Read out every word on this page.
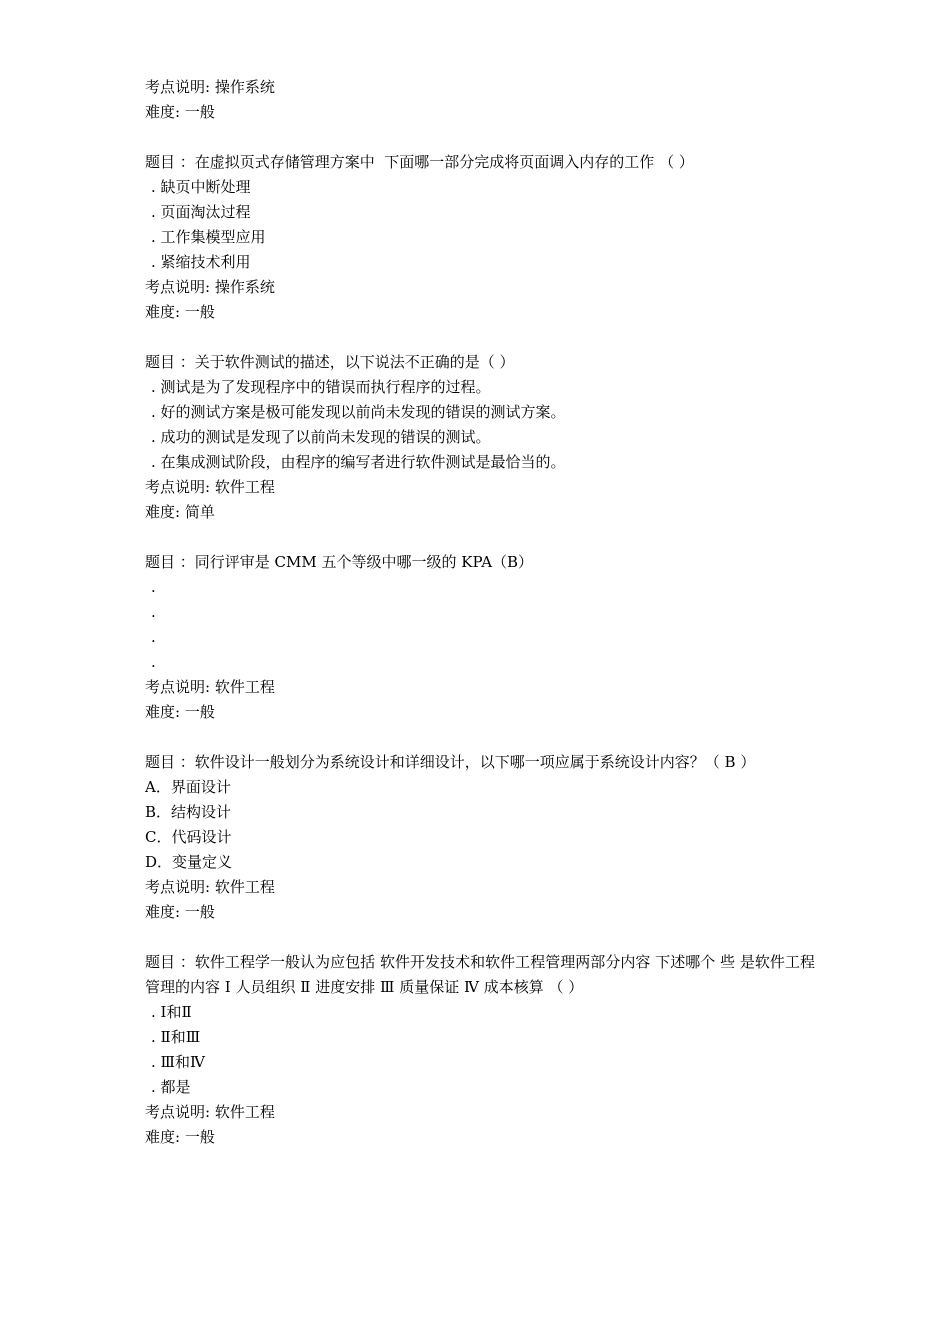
考点说明: 操作系统
难度: 一般
题目 ：在虚拟页式存储管理方案中  下面哪一部分完成将页面调入内存的工作 （ ）
. 缺页中断处理
. 页面淘汰过程
. 工作集模型应用
. 紧缩技术利用
考点说明: 操作系统
难度: 一般
题目 ：关于软件测试的描述，以下说法不正确的是（ ）
. 测试是为了发现程序中的错误而执行程序的过程。
. 好的测试方案是极可能发现以前尚未发现的错误的测试方案。
. 成功的测试是发现了以前尚未发现的错误的测试。
. 在集成测试阶段，由程序的编写者进行软件测试是最恰当的。
考点说明: 软件工程
难度: 简单
题目 ：同行评审是 CMM 五个等级中哪一级的 KPA（B）
.
.
.
.
考点说明: 软件工程
难度: 一般
题目 ：软件设计一般划分为系统设计和详细设计，以下哪一项应属于系统设计内容？（ B ）
A．界面设计
B．结构设计
C．代码设计
D．变量定义
考点说明: 软件工程
难度: 一般
题目 ：软件工程学一般认为应包括 软件开发技术和软件工程管理两部分内容 下述哪个 些 是软件工程管理的内容 Ⅰ 人员组织 Ⅱ 进度安排 Ⅲ 质量保证 Ⅳ 成本核算 （ ）
. Ⅰ和Ⅱ
. Ⅱ和Ⅲ
. Ⅲ和Ⅳ
. 都是
考点说明: 软件工程
难度: 一般
